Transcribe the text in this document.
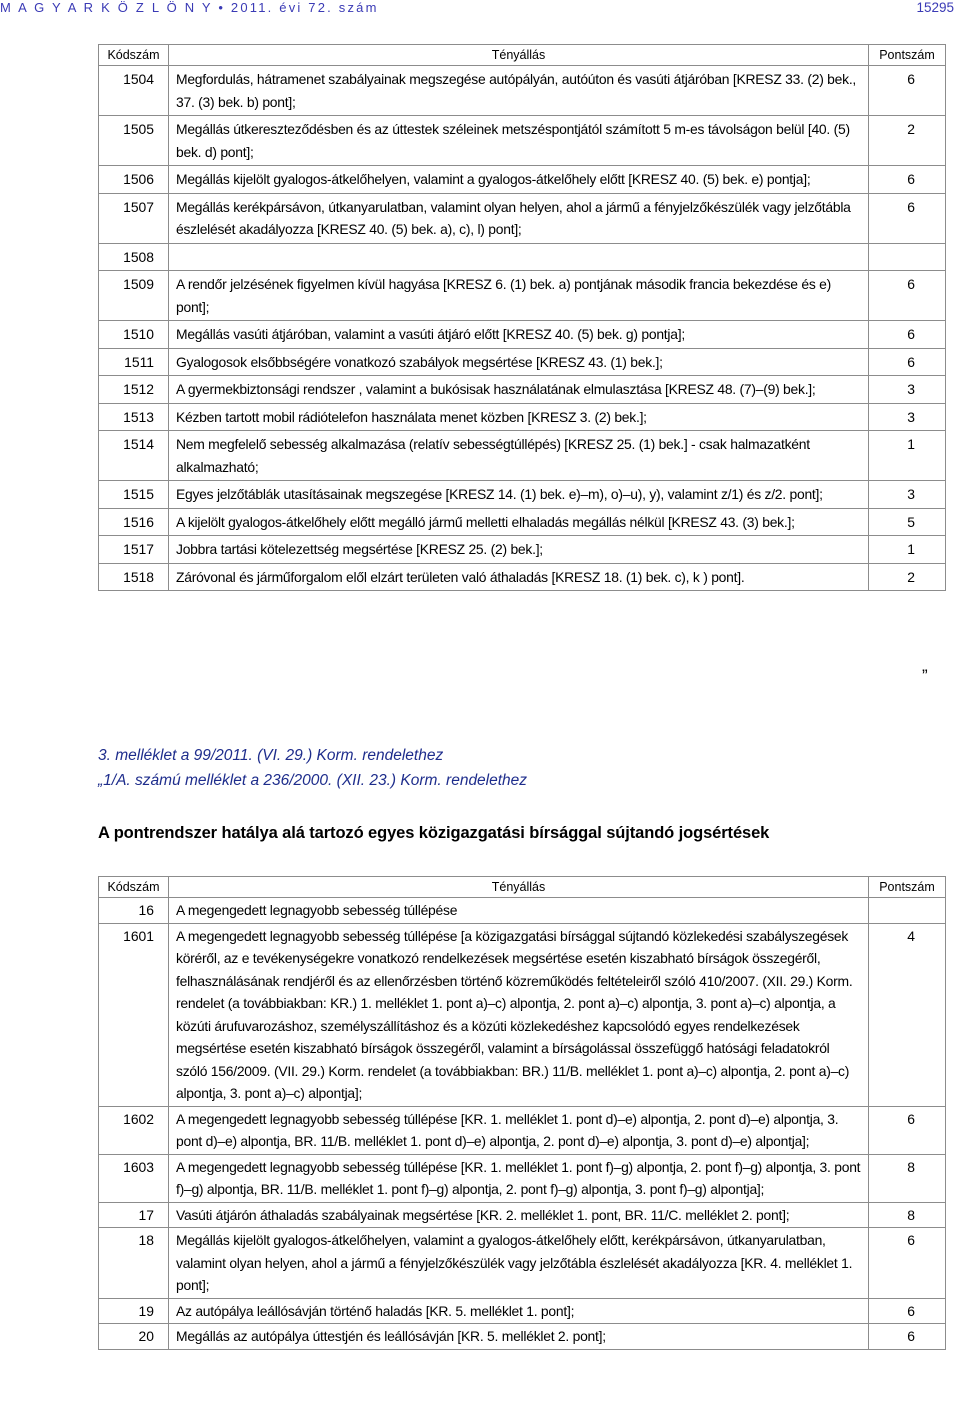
M A G Y A R K Ö Z L Ö N Y • 2011. évi 72. szám	15295
Kódszám	Tényállás	Pontszám
1504	Megfordulás, hátramenet szabályainak megszegése autópályán, autóúton és vasúti átjáróban [KRESZ 33. (2) bek., 37. (3) bek. b) pont];	6
1505	Megállás útkereszteződésben és az úttestek széleinek metszéspontjától számított 5 m-es távolságon belül [40. (5) bek. d) pont];	2
1506	Megállás kijelölt gyalogos-átkelőhelyen, valamint a gyalogos-átkelőhely előtt [KRESZ 40. (5) bek. e) pontja];	6
1507	Megállás kerékpársávon, útkanyarulatban, valamint olyan helyen, ahol a jármű a fényjelzőkészülék vagy jelzőtábla észlelését akadályozza [KRESZ 40. (5) bek. a), c), l) pont];	6
1508		
1509	A rendőr jelzésének figyelmen kívül hagyása [KRESZ 6. (1) bek. a) pontjának második francia bekezdése és e) pont];	6
1510	Megállás vasúti átjáróban, valamint a vasúti átjáró előtt [KRESZ 40. (5) bek. g) pontja];	6
1511	Gyalogosok elsőbbségére vonatkozó szabályok megsértése [KRESZ 43. (1) bek.];	6
1512	A gyermekbiztonsági rendszer , valamint a bukósisak használatának elmulasztása [KRESZ 48. (7)–(9) bek.];	3
1513	Kézben tartott mobil rádiótelefon használata menet közben [KRESZ 3. (2) bek.];	3
1514	Nem megfelelő sebesség alkalmazása (relatív sebességtúllépés) [KRESZ 25. (1) bek.] - csak halmazatként alkalmazható;	1
1515	Egyes jelzőtáblák utasításainak megszegése [KRESZ 14. (1) bek. e)–m), o)–u), y), valamint z/1) és z/2. pont];	3
1516	A kijelölt gyalogos-átkelőhely előtt megálló jármű melletti elhaladás megállás nélkül [KRESZ 43. (3) bek.];	5
1517	Jobbra tartási kötelezettség megsértése [KRESZ 25. (2) bek.];	1
1518	Záróvonal és járműforgalom elől elzárt területen való áthaladás [KRESZ 18. (1) bek. c), k ) pont].	2
”
3. melléklet a 99/2011. (VI. 29.) Korm. rendelethez
„1/A. számú melléklet a 236/2000. (XII. 23.) Korm. rendelethez
A pontrendszer hatálya alá tartozó egyes közigazgatási bírsággal sújtandó jogsértések
Kódszám	Tényállás	Pontszám
16	A megengedett legnagyobb sebesség túllépése	
1601	A megengedett legnagyobb sebesség túllépése [a közigazgatási bírsággal sújtandó közlekedési szabályszegések köréről, az e tevékenységekre vonatkozó rendelkezések megsértése esetén kiszabható bírságok összegéről, felhasználásának rendjéről és az ellenőrzésben történő közreműködés feltételeiről szóló 410/2007. (XII. 29.) Korm. rendelet (a továbbiakban: KR.) 1. melléklet 1. pont a)–c) alpontja, 2. pont a)–c) alpontja, 3. pont a)–c) alpontja, a közúti árufuvarozáshoz, személyszállításhoz és a közúti közlekedéshez kapcsolódó egyes rendelkezések megsértése esetén kiszabható bírságok összegéről, valamint a bírságolással összefüggő hatósági feladatokról szóló 156/2009. (VII. 29.) Korm. rendelet (a továbbiakban: BR.) 11/B. melléklet 1. pont a)–c) alpontja, 2. pont a)–c) alpontja, 3. pont a)–c) alpontja];	4
1602	A megengedett legnagyobb sebesség túllépése [KR. 1. melléklet 1. pont d)–e) alpontja, 2. pont d)–e) alpontja, 3. pont d)–e) alpontja, BR. 11/B. melléklet 1. pont d)–e) alpontja, 2. pont d)–e) alpontja, 3. pont d)–e) alpontja];	6
1603	A megengedett legnagyobb sebesség túllépése [KR. 1. melléklet 1. pont f)–g) alpontja, 2. pont f)–g) alpontja, 3. pont f)–g) alpontja, BR. 11/B. melléklet 1. pont f)–g) alpontja, 2. pont f)–g) alpontja, 3. pont f)–g) alpontja];	8
17	Vasúti átjárón áthaladás szabályainak megsértése [KR. 2. melléklet 1. pont, BR. 11/C. melléklet 2. pont];	8
18	Megállás kijelölt gyalogos-átkelőhelyen, valamint a gyalogos-átkelőhely előtt, kerékpársávon, útkanyarulatban, valamint olyan helyen, ahol a jármű a fényjelzőkészülék vagy jelzőtábla észlelését akadályozza [KR. 4. melléklet 1. pont];	6
19	Az autópálya leállósávján történő haladás [KR. 5. melléklet 1. pont];	6
20	Megállás az autópálya úttestjén és leállósávján [KR. 5. melléklet 2. pont];	6
